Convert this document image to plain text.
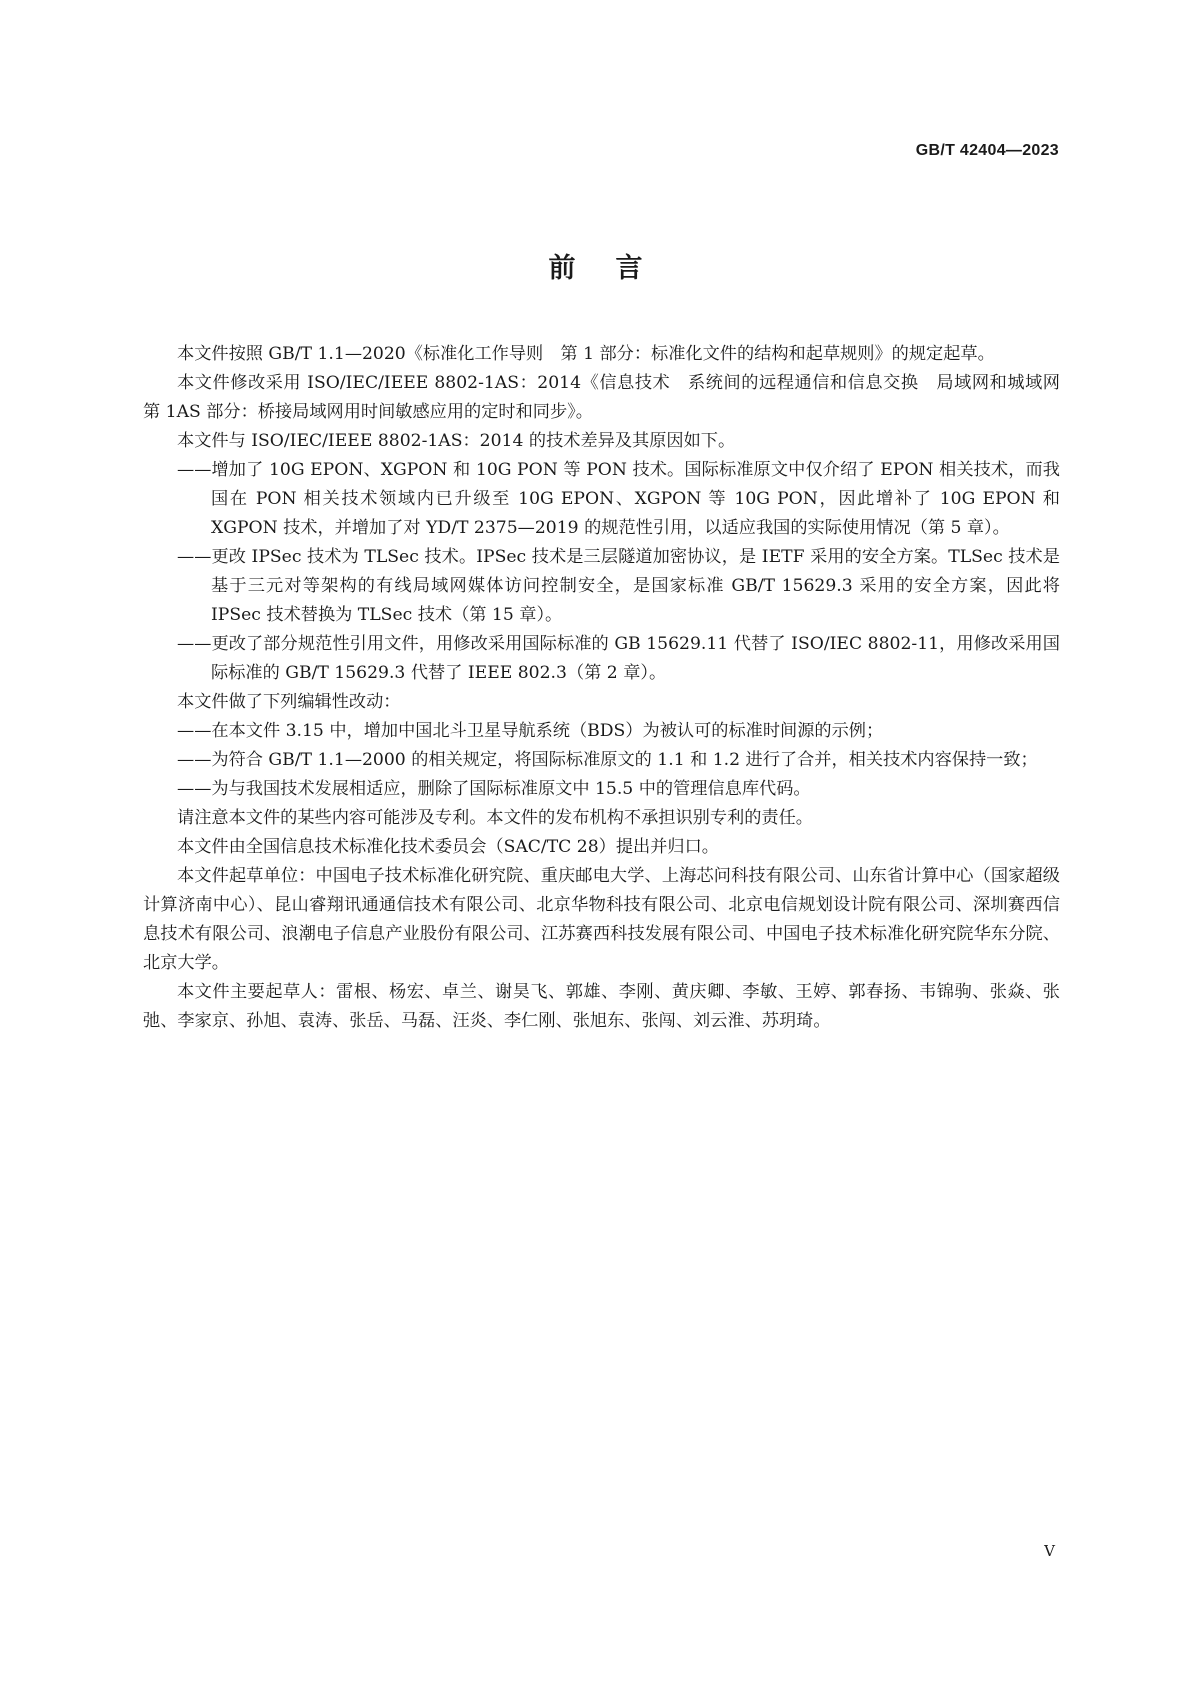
GB/T 42404—2023
前言

本文件按照 GB/T 1.1—2020《标准化工作导则　第 1 部分：标准化文件的结构和起草规则》的规定起草。

本文件修改采用 ISO/IEC/IEEE 8802-1AS：2014《信息技术　系统间的远程通信和信息交换　局域网和城域网　第 1AS 部分：桥接局域网用时间敏感应用的定时和同步》。

本文件与 ISO/IEC/IEEE 8802-1AS：2014 的技术差异及其原因如下。

——增加了 10G EPON、XGPON 和 10G PON 等 PON 技术。国际标准原文中仅介绍了 EPON 相关技术，而我国在 PON 相关技术领域内已升级至 10G EPON、XGPON 等 10G PON，因此增补了 10G EPON 和 XGPON 技术，并增加了对 YD/T 2375—2019 的规范性引用，以适应我国的实际使用情况（第 5 章）。

——更改 IPSec 技术为 TLSec 技术。IPSec 技术是三层隧道加密协议，是 IETF 采用的安全方案。TLSec 技术是基于三元对等架构的有线局域网媒体访问控制安全，是国家标准 GB/T 15629.3 采用的安全方案，因此将 IPSec 技术替换为 TLSec 技术（第 15 章）。

——更改了部分规范性引用文件，用修改采用国际标准的 GB 15629.11 代替了 ISO/IEC 8802-11，用修改采用国际标准的 GB/T 15629.3 代替了 IEEE 802.3（第 2 章）。

本文件做了下列编辑性改动：

——在本文件 3.15 中，增加中国北斗卫星导航系统（BDS）为被认可的标准时间源的示例；

——为符合 GB/T 1.1—2000 的相关规定，将国际标准原文的 1.1 和 1.2 进行了合并，相关技术内容保持一致；

——为与我国技术发展相适应，删除了国际标准原文中 15.5 中的管理信息库代码。

请注意本文件的某些内容可能涉及专利。本文件的发布机构不承担识别专利的责任。

本文件由全国信息技术标准化技术委员会（SAC/TC 28）提出并归口。

本文件起草单位：中国电子技术标准化研究院、重庆邮电大学、上海芯问科技有限公司、山东省计算中心（国家超级计算济南中心）、昆山睿翔讯通通信技术有限公司、北京华物科技有限公司、北京电信规划设计院有限公司、深圳赛西信息技术有限公司、浪潮电子信息产业股份有限公司、江苏赛西科技发展有限公司、中国电子技术标准化研究院华东分院、北京大学。

本文件主要起草人：雷根、杨宏、卓兰、谢昊飞、郭雄、李刚、黄庆卿、李敏、王婷、郭春扬、韦锦驹、张焱、张弛、李家京、孙旭、袁涛、张岳、马磊、汪炎、李仁刚、张旭东、张闯、刘云淮、苏玥琦。

V
